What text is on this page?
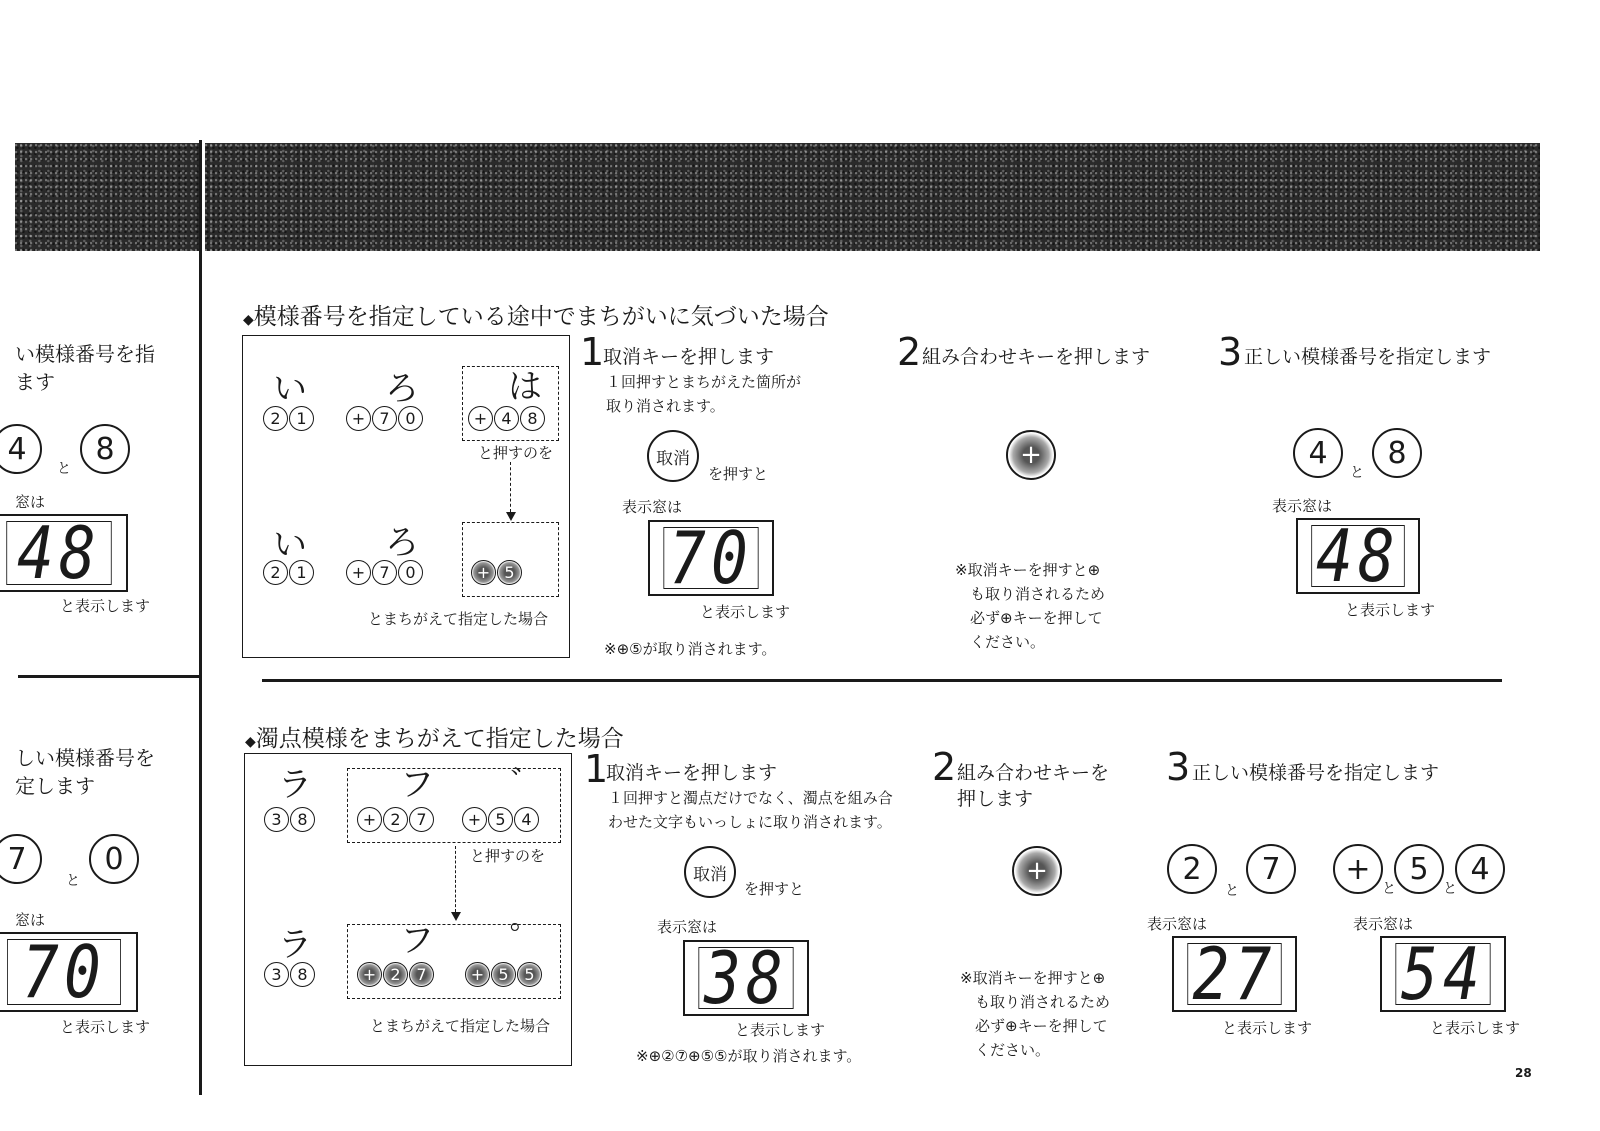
い模様番号を指
ます
4
と
8
窓は
48
と表示します
しい模様番号を
定します
7
と
0
窓は
70
と表示します
◆模様番号を指定している途中でまちがいに気づいた場合
い
2 1
ろ
+ 7 0
は
+ 4 8
と押すのを
い
2 1
ろ
+ 7 0	+ 5
とまちがえて指定した場合
1
取消キーを押します
１回押すとまちがえた箇所が
取り消されます。
取消
を押すと
表示窓は
70
と表示します
※⊕⑤が取り消されます。
2 組み合わせキーを押します
+
※取消キーを押すと⊕
も取り消されるため
必ず⊕キーを押して
ください。
3 正しい模様番号を指定します
4
と
8
表示窓は
48
と表示します
◆濁点模様をまちがえて指定した場合
ラ
3 8
フ
+ 2 7
゛
+ 5 4
と押すのを
ラ
3 8
フ
+ 2 7
゜
+ 5 5
とまちがえて指定した場合
1
取消キーを押します
１回押すと濁点だけでなく、濁点を組み合
わせた文字もいっしょに取り消されます。
取消
を押すと
表示窓は
38
と表示します
※⊕②⑦⊕⑤⑤が取り消されます。
2 組み合わせキーを
押します
+
※取消キーを押すと⊕
も取り消されるため
必ず⊕キーを押して
ください。
3 正しい模様番号を指定します
2
と
7	+
と
5
と
4
表示窓は
27
と表示します
表示窓は
54
と表示します
28
